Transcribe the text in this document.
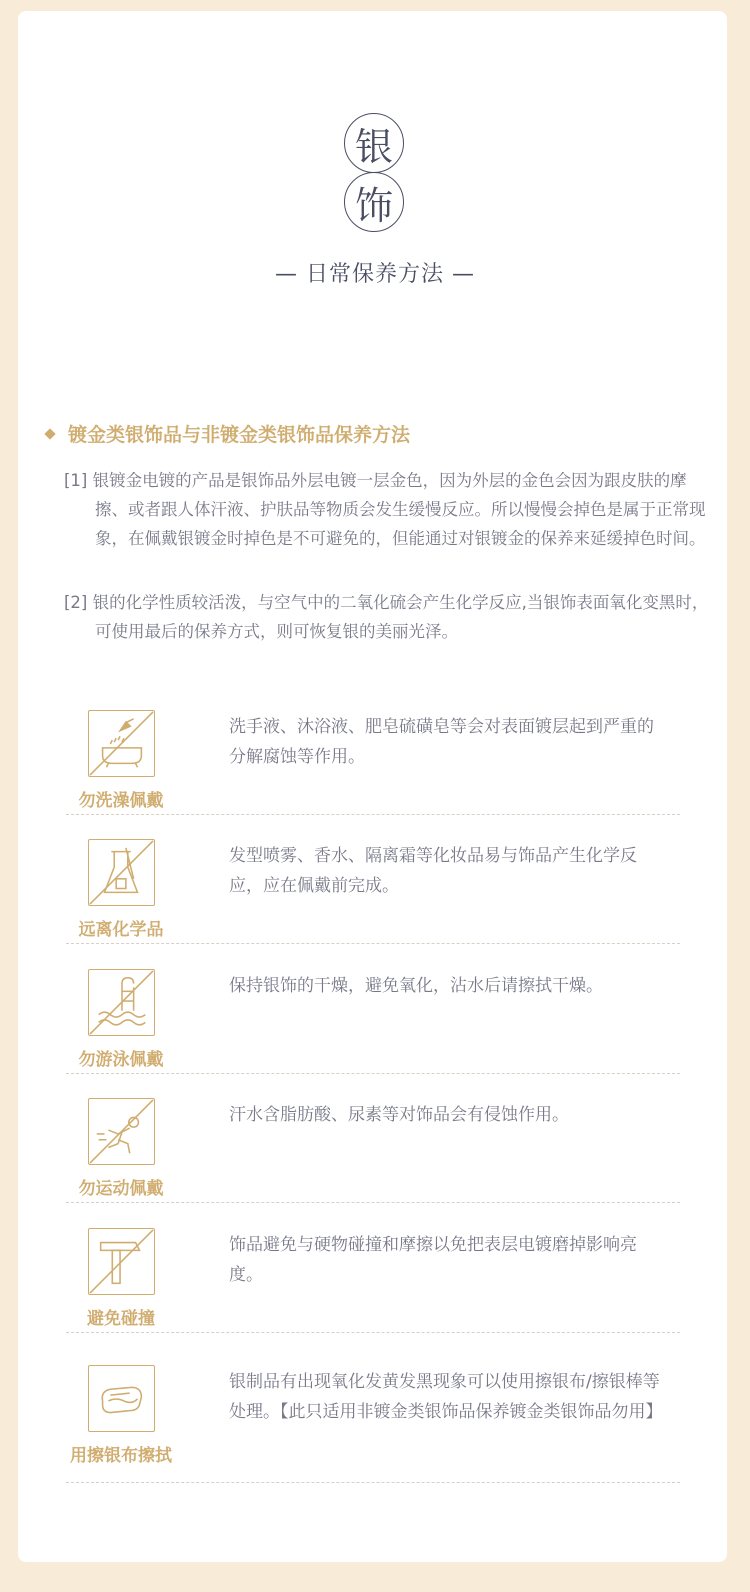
银
饰
— 日常保养方法 —
镀金类银饰品与非镀金类银饰品保养方法
[1] 银镀金电镀的产品是银饰品外层电镀一层金色，因为外层的金色会因为跟皮肤的摩擦、或者跟人体汗液、护肤品等物质会发生缓慢反应。所以慢慢会掉色是属于正常现象，在佩戴银镀金时掉色是不可避免的，但能通过对银镀金的保养来延缓掉色时间。
[2] 银的化学性质较活泼，与空气中的二氧化硫会产生化学反应,当银饰表面氧化变黑时，可使用最后的保养方式，则可恢复银的美丽光泽。
勿洗澡佩戴
洗手液、沐浴液、肥皂硫磺皂等会对表面镀层起到严重的分解腐蚀等作用。
远离化学品
发型喷雾、香水、隔离霜等化妆品易与饰品产生化学反应，应在佩戴前完成。
勿游泳佩戴
保持银饰的干燥，避免氧化，沾水后请擦拭干燥。
勿运动佩戴
汗水含脂肪酸、尿素等对饰品会有侵蚀作用。
避免碰撞
饰品避免与硬物碰撞和摩擦以免把表层电镀磨掉影响亮度。
用擦银布擦拭
银制品有出现氧化发黄发黑现象可以使用擦银布/擦银棒等处理。【此只适用非镀金类银饰品保养镀金类银饰品勿用】
